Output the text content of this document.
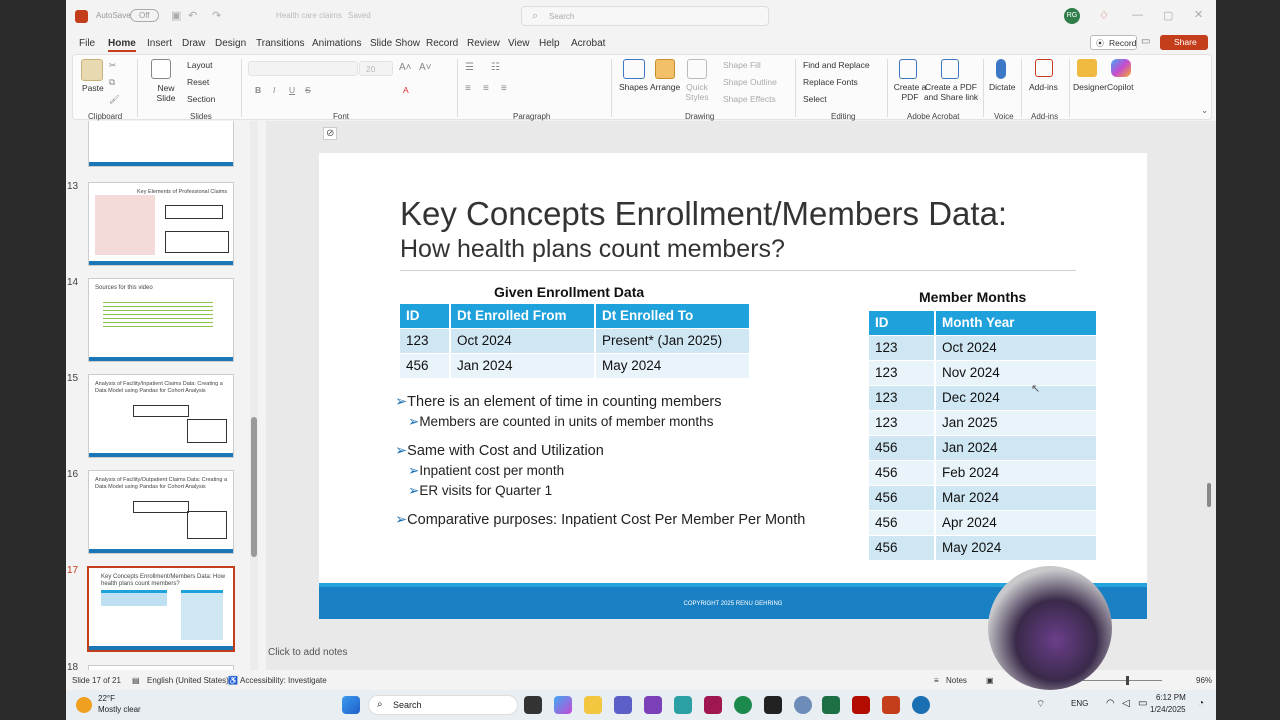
AutoSave	Off	▣ ↶ ↷	Health care claims Saved	⌕ Search	RG ♢ — ▢ ✕
File Home Insert Draw Design Transitions Animations Slide Show Record Review View Help Acrobat	Record
⦿	▭	Share
Paste
✂
⧉
🖌
Clipboard
New Slide
Layout
Reset
Section
Slides
20 A˄ A˅
B I U S	A
Font
☰ ☷
≡ ≡ ≡
Paragraph
Shapes Arrange Quick Styles
Shape Fill
Shape Outline
Shape Effects
Drawing
Find and Replace
Replace Fonts
Select
Editing
Create a PDF
Create a PDF and Share link
Adobe Acrobat
Dictate
Voice
Add-ins
Add-ins
Designer Copilot
⌄
13	Key Elements of Professional Claims
14	Sources for this video
15	Analysis of Facility/Inpatient Claims Data: Creating a Data Model using Pandas for Cohort Analysis
16	Analysis of Facility/Outpatient Claims Data: Creating a Data Model using Pandas for Cohort Analysis
17
Key Concepts Enrollment/Members Data: How health plans count members?
18
⊘
Key Concepts Enrollment/Members Data:
How health plans count members?
Given Enrollment Data
ID	Dt Enrolled From	Dt Enrolled To
123	Oct 2024	Present* (Jan 2025)
456	Jan 2024	May 2024
Member Months
ID	Month Year
123	Oct 2024
123	Nov 2024
123	Dec 2024
123	Jan 2025
456	Jan 2024
456	Feb 2024
456	Mar 2024
456	Apr 2024
456	May 2024
➢There is an element of time in counting members
➢Members are counted in units of member months
➢Same with Cost and Utilization
➢Inpatient cost per month
➢ER visits for Quarter 1
➢Comparative purposes: Inpatient Cost Per Member Per Month
↖
COPYRIGHT 2025 RENU GEHRING
Click to add notes
Slide 17 of 21 ▤ English (United States) ♿ Accessibility: Investigate	≡ Notes ▣	96%
22°F
Mostly clear	⌕ Search	⌔	ENG ◠ ◁ ▭
6:12 PM
1/24/2025
◔
